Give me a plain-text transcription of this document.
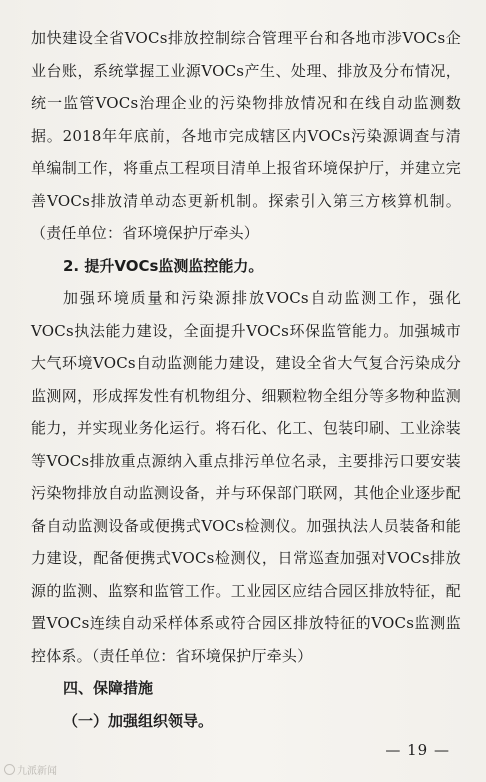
加快建设全省VOCs排放控制综合管理平台和各地市涉VOCs企业台账，系统掌握工业源VOCs产生、处理、排放及分布情况，统一监管VOCs治理企业的污染物排放情况和在线自动监测数据。2018年年底前，各地市完成辖区内VOCs污染源调查与清单编制工作，将重点工程项目清单上报省环境保护厅，并建立完善VOCs排放清单动态更新机制。探索引入第三方核算机制。（责任单位：省环境保护厅牵头）

2. 提升VOCs监测监控能力。

加强环境质量和污染源排放VOCs自动监测工作，强化VOCs执法能力建设，全面提升VOCs环保监管能力。加强城市大气环境VOCs自动监测能力建设，建设全省大气复合污染成分监测网，形成挥发性有机物组分、细颗粒物全组分等多物种监测能力，并实现业务化运行。将石化、化工、包装印刷、工业涂装等VOCs排放重点源纳入重点排污单位名录，主要排污口要安装污染物排放自动监测设备，并与环保部门联网，其他企业逐步配备自动监测设备或便携式VOCs检测仪。加强执法人员装备和能力建设，配备便携式VOCs检测仪，日常巡查加强对VOCs排放源的监测、监察和监管工作。工业园区应结合园区排放特征，配置VOCs连续自动采样体系或符合园区排放特征的VOCs监测监控体系。（责任单位：省环境保护厅牵头）

四、保障措施

（一）加强组织领导。

— 19 —
九派新闻
